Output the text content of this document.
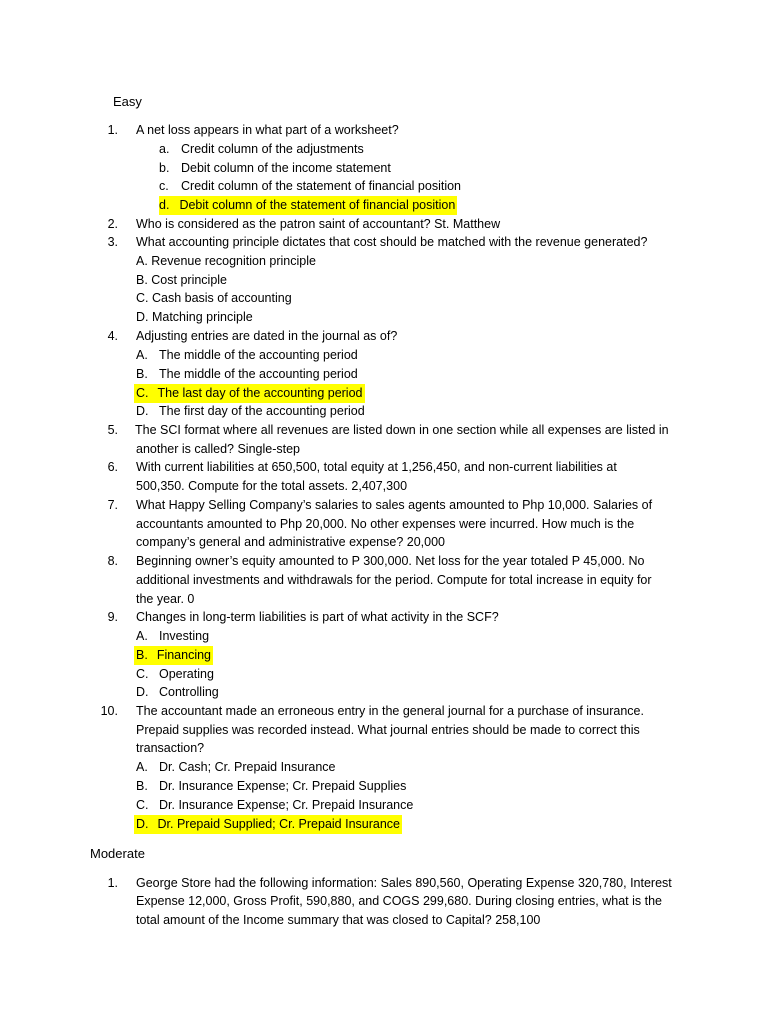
Easy
1. A net loss appears in what part of a worksheet?
a. Credit column of the adjustments
b. Debit column of the income statement
c. Credit column of the statement of financial position
d. Debit column of the statement of financial position
2. Who is considered as the patron saint of accountant? St. Matthew
3. What accounting principle dictates that cost should be matched with the revenue generated?
A. Revenue recognition principle
B. Cost principle
C. Cash basis of accounting
D. Matching principle
4. Adjusting entries are dated in the journal as of?
A. The middle of the accounting period
B. The middle of the accounting period
C. The last day of the accounting period
D. The first day of the accounting period
5. The SCI format where all revenues are listed down in one section while all expenses are listed in
another is called? Single-step
6. With current liabilities at 650,500, total equity at 1,256,450, and non-current liabilities at
500,350. Compute for the total assets. 2,407,300
7. What Happy Selling Company’s salaries to sales agents amounted to Php 10,000. Salaries of
accountants amounted to Php 20,000. No other expenses were incurred. How much is the
company’s general and administrative expense? 20,000
8. Beginning owner’s equity amounted to P 300,000. Net loss for the year totaled P 45,000. No
additional investments and withdrawals for the period. Compute for total increase in equity for
the year. 0
9. Changes in long-term liabilities is part of what activity in the SCF?
A. Investing
B. Financing
C. Operating
D. Controlling
10. The accountant made an erroneous entry in the general journal for a purchase of insurance.
Prepaid supplies was recorded instead. What journal entries should be made to correct this
transaction?
A. Dr. Cash; Cr. Prepaid Insurance
B. Dr. Insurance Expense; Cr. Prepaid Supplies
C. Dr. Insurance Expense; Cr. Prepaid Insurance
D. Dr. Prepaid Supplied; Cr. Prepaid Insurance
Moderate
1. George Store had the following information: Sales 890,560, Operating Expense 320,780, Interest
Expense 12,000, Gross Profit, 590,880, and COGS 299,680. During closing entries, what is the
total amount of the Income summary that was closed to Capital? 258,100
